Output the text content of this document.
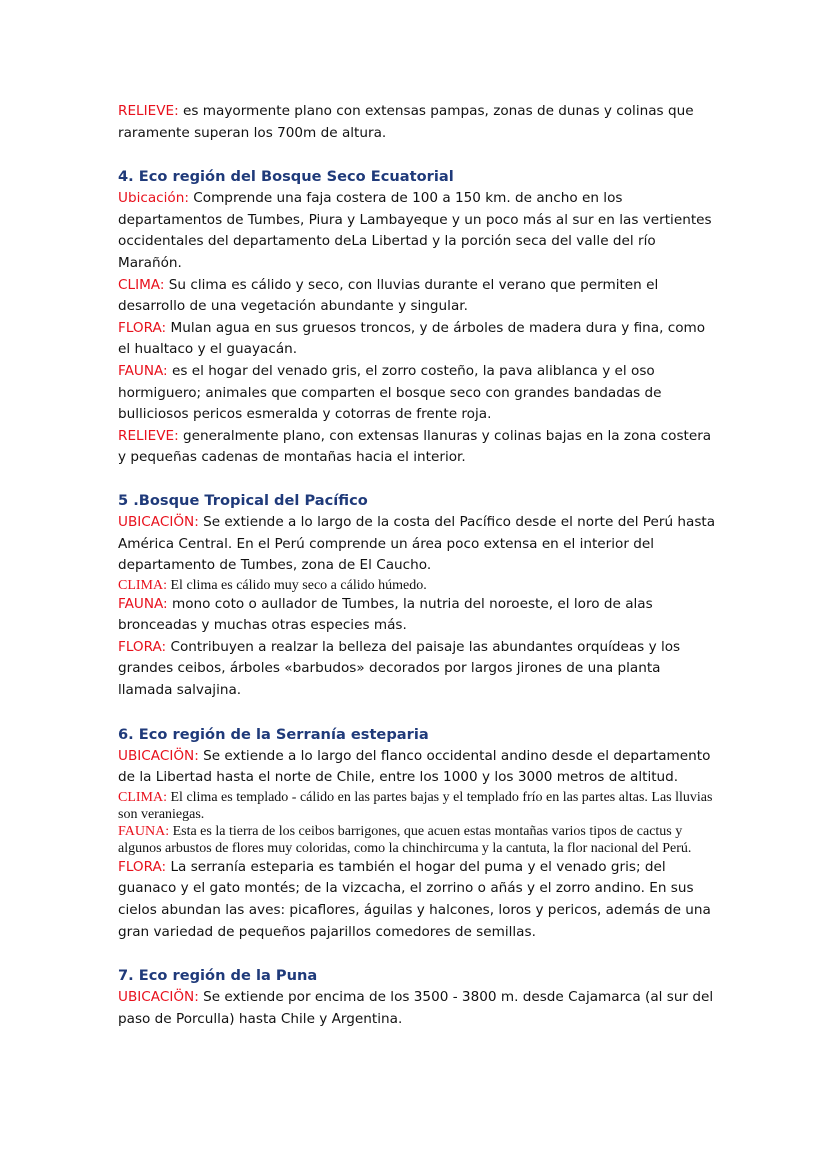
RELIEVE: es mayormente plano con extensas pampas, zonas de dunas y colinas que raramente superan los 700m de altura.

4. Eco región del Bosque Seco Ecuatorial

Ubicación: Comprende una faja costera de 100 a 150 km. de ancho en los departamentos de Tumbes, Piura y Lambayeque y un poco más al sur en las vertientes occidentales del departamento deLa Libertad y la porción seca del valle del río Marañón.

CLIMA: Su clima es cálido y seco, con lluvias durante el verano que permiten el desarrollo de una vegetación abundante y singular.

FLORA: Mulan agua en sus gruesos troncos, y de árboles de madera dura y fina, como el hualtaco y el guayacán.

FAUNA: es el hogar del venado gris, el zorro costeño, la pava aliblanca y el oso hormiguero; animales que comparten el bosque seco con grandes bandadas de bulliciosos pericos esmeralda y cotorras de frente roja.

RELIEVE: generalmente plano, con extensas llanuras y colinas bajas en la zona costera y pequeñas cadenas de montañas hacia el interior.

5 .Bosque Tropical del Pacífico

UBICACIÖN: Se extiende a lo largo de la costa del Pacífico desde el norte del Perú hasta América Central. En el Perú comprende un área poco extensa en el interior del departamento de Tumbes, zona de El Caucho.

CLIMA: El clima es cálido muy seco a cálido húmedo.

FAUNA: mono coto o aullador de Tumbes, la nutria del noroeste, el loro de alas bronceadas y muchas otras especies más.

FLORA: Contribuyen a realzar la belleza del paisaje las abundantes orquídeas y los grandes ceibos, árboles «barbudos» decorados por largos jirones de una planta llamada salvajina.

6. Eco región de la Serranía esteparia

UBICACIÖN: Se extiende a lo largo del flanco occidental andino desde el departamento de la Libertad hasta el norte de Chile, entre los 1000 y los 3000 metros de altitud.

CLIMA: El clima es templado - cálido en las partes bajas y el templado frío en las partes altas. Las lluvias son veraniegas.

FAUNA: Esta es la tierra de los ceibos barrigones, que acuen estas montañas varios tipos de cactus y algunos arbustos de flores muy coloridas, como la chinchircuma y la cantuta, la flor nacional del Perú.

FLORA: La serranía esteparia es también el hogar del puma y el venado gris; del guanaco y el gato montés; de la vizcacha, el zorrino o añás y el zorro andino. En sus cielos abundan las aves: picaflores, águilas y halcones, loros y pericos, además de una gran variedad de pequeños pajarillos comedores de semillas.

7. Eco región de la Puna

UBICACIÖN: Se extiende por encima de los 3500 - 3800 m. desde Cajamarca (al sur del paso de Porculla) hasta Chile y Argentina.
